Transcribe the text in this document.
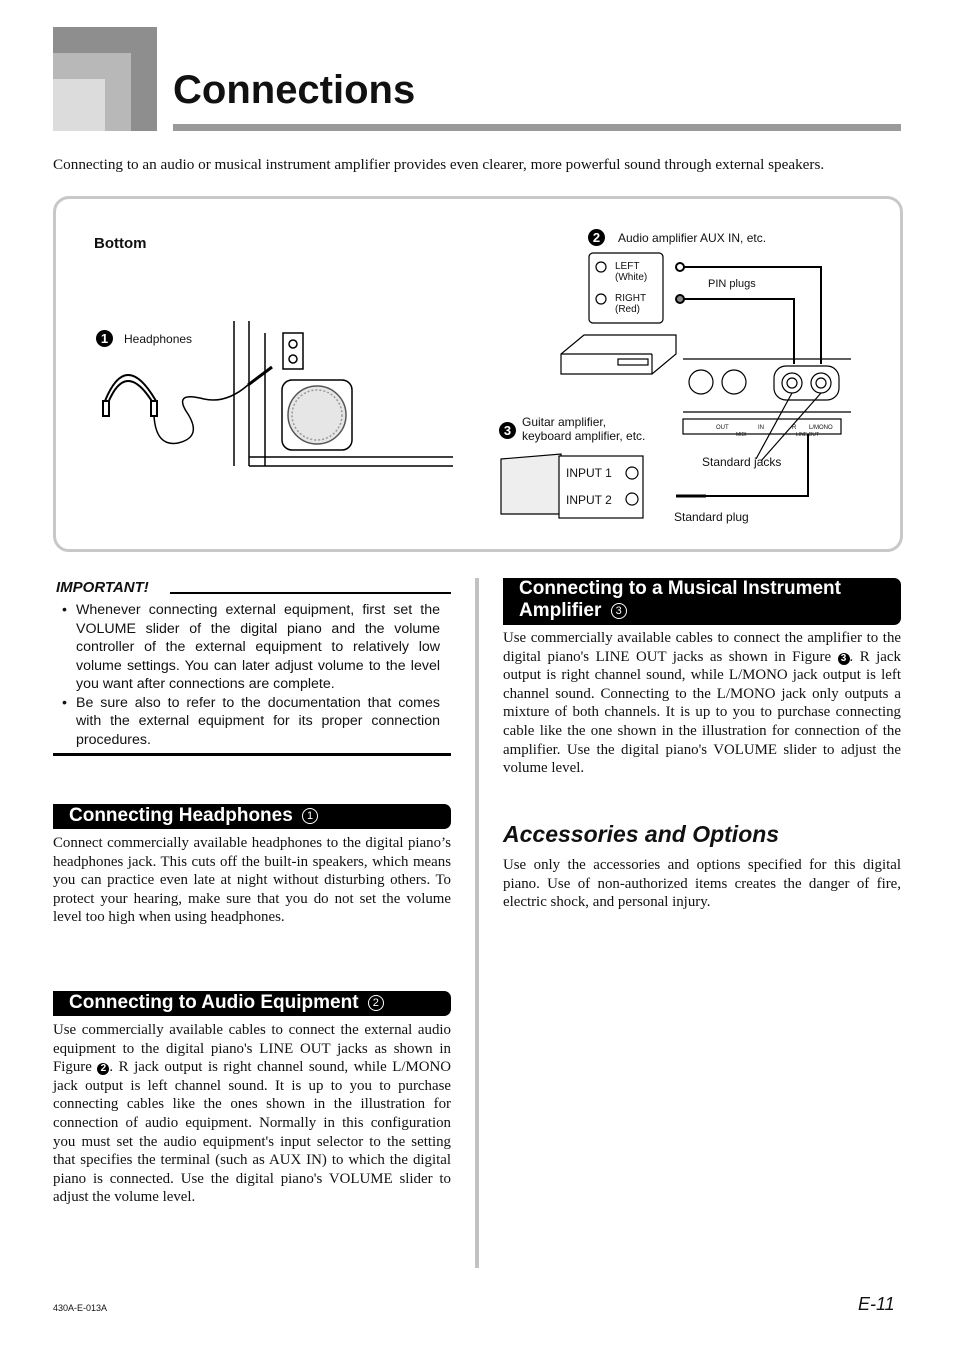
Connections
Connecting to an audio or musical instrument amplifier provides even clearer, more powerful sound through external speakers.
Bottom
1	Headphones
2	Audio amplifier AUX IN, etc.
LEFT
(White)
RIGHT
(Red)
PIN plugs
OUT
MIDI
IN	R L/MONO
LINE OUT
3
Guitar amplifier,
keyboard amplifier, etc.
INPUT 1
INPUT 2
Standard jacks
Standard plug
IMPORTANT!
• Whenever connecting external equipment, first set the VOLUME slider of the digital piano and the volume controller of the external equipment to relatively low volume settings. You can later adjust volume to the level you want after connections are complete.
• Be sure also to refer to the documentation that comes with the external equipment for its proper connection procedures.
Connecting Headphones 1

Connect commercially available headphones to the digital piano’s headphones jack. This cuts off the built-in speakers, which means you can practice even late at night without disturbing others. To protect your hearing, make sure that you do not set the volume level too high when using headphones.

Connecting to Audio Equipment 2

Use commercially available cables to connect the external audio equipment to the digital piano's LINE OUT jacks as shown in Figure 2 . R jack output is right channel sound, while L/MONO jack output is left channel sound. It is up to you to purchase connecting cables like the ones shown in the illustration for connection of audio equipment. Normally in this configuration you must set the audio equipment's input selector to the setting that specifies the terminal (such as AUX IN) to which the digital piano is connected. Use the digital piano's VOLUME slider to adjust the volume level.

Connecting to a Musical Instrument
Amplifier 3

Use commercially available cables to connect the amplifier to the digital piano's LINE OUT jacks as shown in Figure 3 . R jack output is right channel sound, while L/MONO jack output is left channel sound. Connecting to the L/MONO jack only outputs a mixture of both channels. It is up to you to purchase connecting cable like the one shown in the illustration for connection of the amplifier. Use the digital piano's VOLUME slider to adjust the volume level.

Accessories and Options

Use only the accessories and options specified for this digital piano. Use of non-authorized items creates the danger of fire, electric shock, and personal injury.

430A-E-013A	E-11
